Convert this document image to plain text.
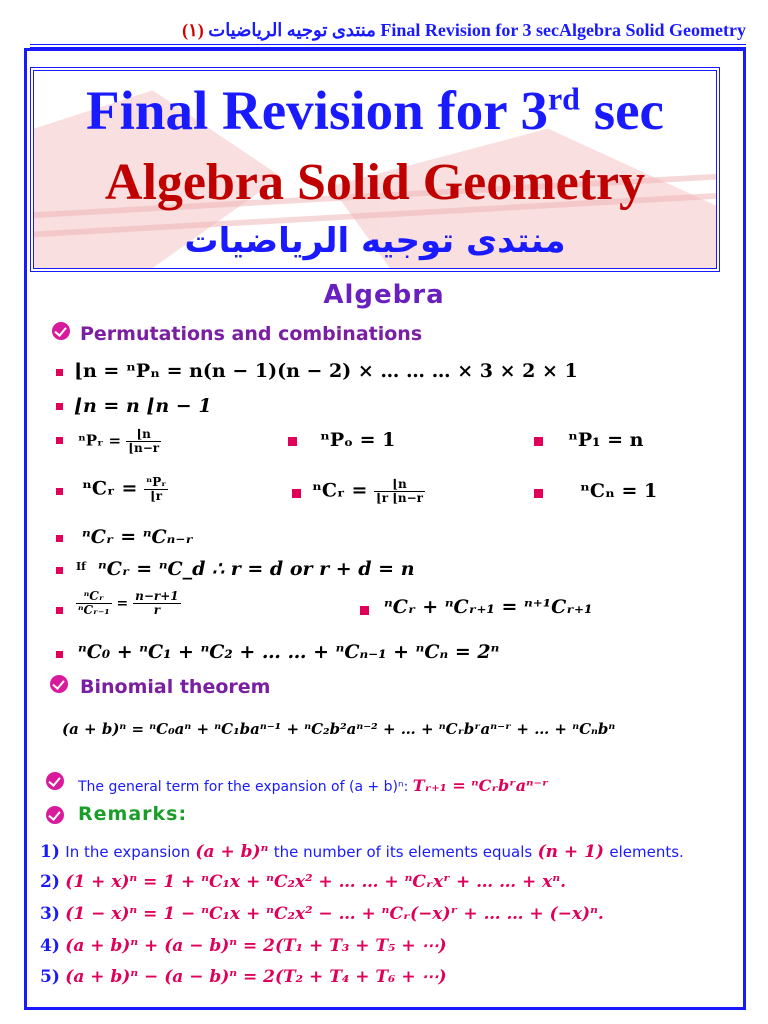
منتدى توجيه الرياضيات (١)	Final Revision for 3 secAlgebra Solid Geometry
Final Revision for 3rd sec
Algebra Solid Geometry
منتدى توجيه الرياضيات
Algebra
Permutations and combinations
⌊n = ⁿPₙ = n(n − 1)(n − 2) × … … … × 3 × 2 × 1
⌊n = n ⌊n − 1
ⁿPᵣ = $\frac{⌊n}{⌊n-r}$	ⁿPₒ = 1	ⁿP₁ = n
ⁿCᵣ = $\frac{\text{ⁿPᵣ}}{⌊r}$	ⁿCᵣ = $\frac{⌊n}{⌊r ⌊n-r}$	ⁿCₙ = 1
ⁿCᵣ = ⁿCₙ₋ᵣ
If ⁿCᵣ = ⁿC_d ∴ r = d or r + d = n
$\frac{\text{ⁿCᵣ}}{\text{ⁿCᵣ₋₁}} = \frac{n-r+1}{r}$	ⁿCᵣ + ⁿCᵣ₊₁ = ⁿ⁺¹Cᵣ₊₁
ⁿC₀ + ⁿC₁ + ⁿC₂ + … … + ⁿCₙ₋₁ + ⁿCₙ = 2ⁿ
Binomial theorem
(a + b)ⁿ = ⁿC₀aⁿ + ⁿC₁baⁿ⁻¹ + ⁿC₂b²aⁿ⁻² + … + ⁿCᵣbʳaⁿ⁻ʳ + … + ⁿCₙbⁿ
The general term for the expansion of (a + b)ⁿ: Tᵣ₊₁ = ⁿCᵣbʳaⁿ⁻ʳ
Remarks:
1) In the expansion (a + b)ⁿ the number of its elements equals (n + 1) elements.
2) (1 + x)ⁿ = 1 + ⁿC₁x + ⁿC₂x² + … … + ⁿCᵣxʳ + … … + xⁿ.
3) (1 − x)ⁿ = 1 − ⁿC₁x + ⁿC₂x² − … + ⁿCᵣ(−x)ʳ + … … + (−x)ⁿ.
4) (a + b)ⁿ + (a − b)ⁿ = 2(T₁ + T₃ + T₅ + ⋯)
5) (a + b)ⁿ − (a − b)ⁿ = 2(T₂ + T₄ + T₆ + ⋯)
